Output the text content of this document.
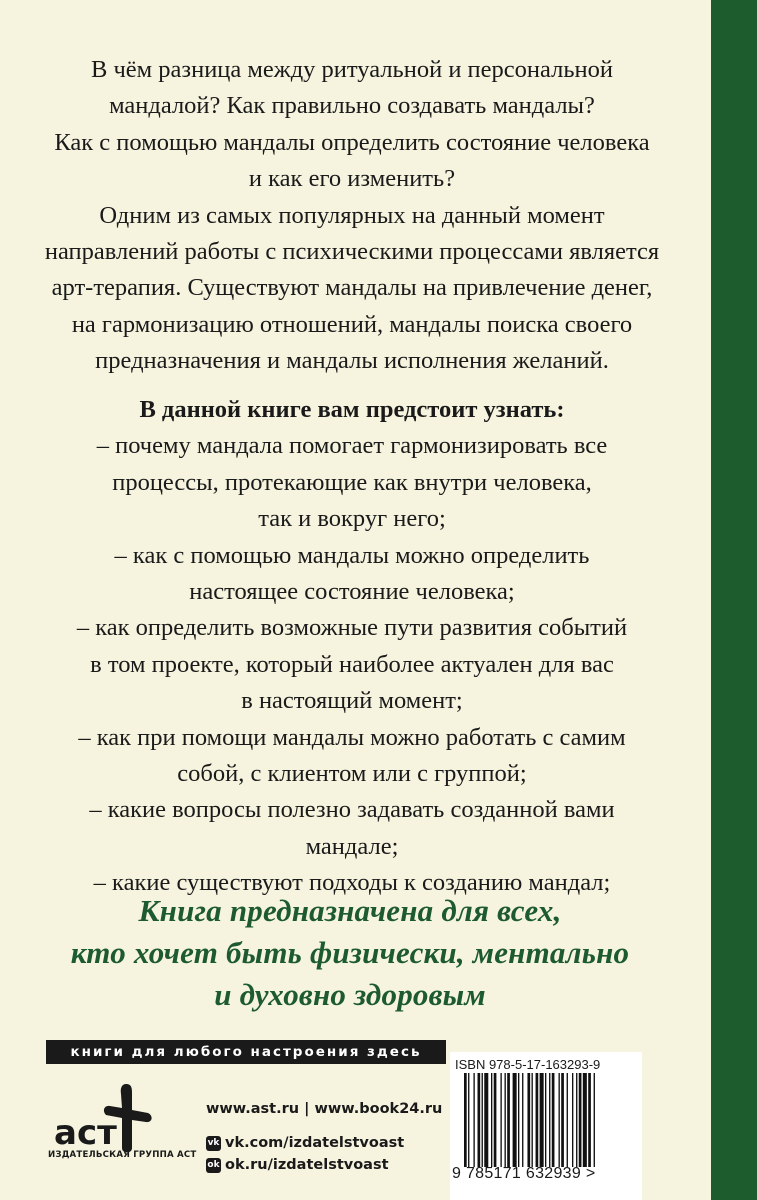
В чём разница между ритуальной и персональной

мандалой? Как правильно создавать мандалы?

Как с помощью мандалы определить состояние человека

и как его изменить?

Одним из самых популярных на данный момент

направлений работы с психическими процессами является

арт-терапия. Существуют мандалы на привлечение денег,

на гармонизацию отношений, мандалы поиска своего

предназначения и мандалы исполнения желаний.

В данной книге вам предстоит узнать:

– почему мандала помогает гармонизировать все

процессы, протекающие как внутри человека,

так и вокруг него;

– как с помощью мандалы можно определить

настоящее состояние человека;

– как определить возможные пути развития событий

в том проекте, который наиболее актуален для вас

в настоящий момент;

– как при помощи мандалы можно работать с самим

собой, с клиентом или с группой;

– какие вопросы полезно задавать созданной вами

мандале;

– какие существуют подходы к созданию мандал;

Книга предназначена для всех,

кто хочет быть физически, ментально

и духовно здоровым

книги для любого настроения здесь
аст
ИЗДАТЕЛЬСКАЯ ГРУППА АСТ
www.ast.ru | www.book24.ru
vk vk.com/izdatelstvoast
ok ok.ru/izdatelstvoast
ISBN 978-5-17-163293-9
9 785171 632939 >
